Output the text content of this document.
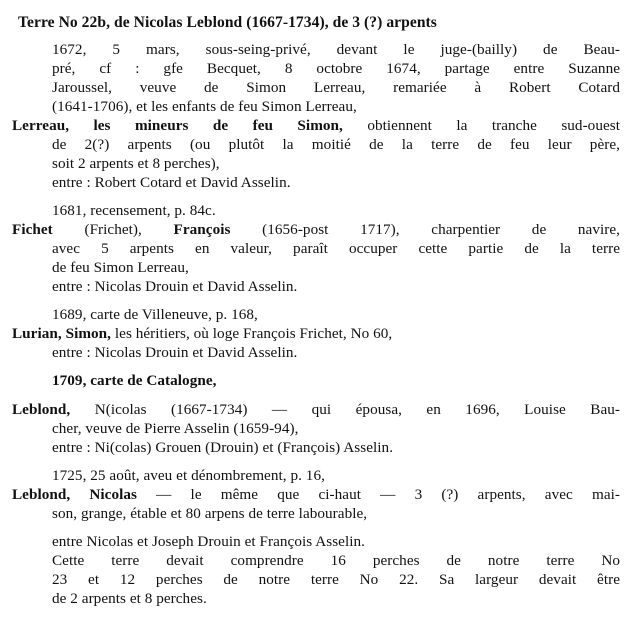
Terre No 22b, de Nicolas Leblond (1667-1734), de 3 (?) arpents
1672, 5 mars, sous-seing-privé, devant le juge-(bailly) de Beau-
pré, cf : gfe Becquet, 8 octobre 1674, partage entre Suzanne
Jaroussel, veuve de Simon Lerreau, remariée à Robert Cotard
(1641-1706), et les enfants de feu Simon Lerreau,
Lerreau, les mineurs de feu Simon, obtiennent la tranche sud-ouest
de 2(?) arpents (ou plutôt la moitié de la terre de feu leur père,
soit 2 arpents et 8 perches),
entre : Robert Cotard et David Asselin.
1681, recensement, p. 84c.
Fichet (Frichet), François (1656-post 1717), charpentier de navire,
avec 5 arpents en valeur, paraît occuper cette partie de la terre
de feu Simon Lerreau,
entre : Nicolas Drouin et David Asselin.
1689, carte de Villeneuve, p. 168,
Lurian, Simon, les héritiers, où loge François Frichet, No 60,
entre : Nicolas Drouin et David Asselin.
1709, carte de Catalogne,
Leblond, N(icolas (1667-1734) — qui épousa, en 1696, Louise Bau-
cher, veuve de Pierre Asselin (1659-94),
entre : Ni(colas) Grouen (Drouin) et (François) Asselin.
1725, 25 août, aveu et dénombrement, p. 16,
Leblond, Nicolas — le même que ci-haut — 3 (?) arpents, avec mai-
son, grange, étable et 80 arpens de terre labourable,
entre Nicolas et Joseph Drouin et François Asselin.
Cette terre devait comprendre 16 perches de notre terre No
23 et 12 perches de notre terre No 22. Sa largeur devait être
de 2 arpents et 8 perches.
